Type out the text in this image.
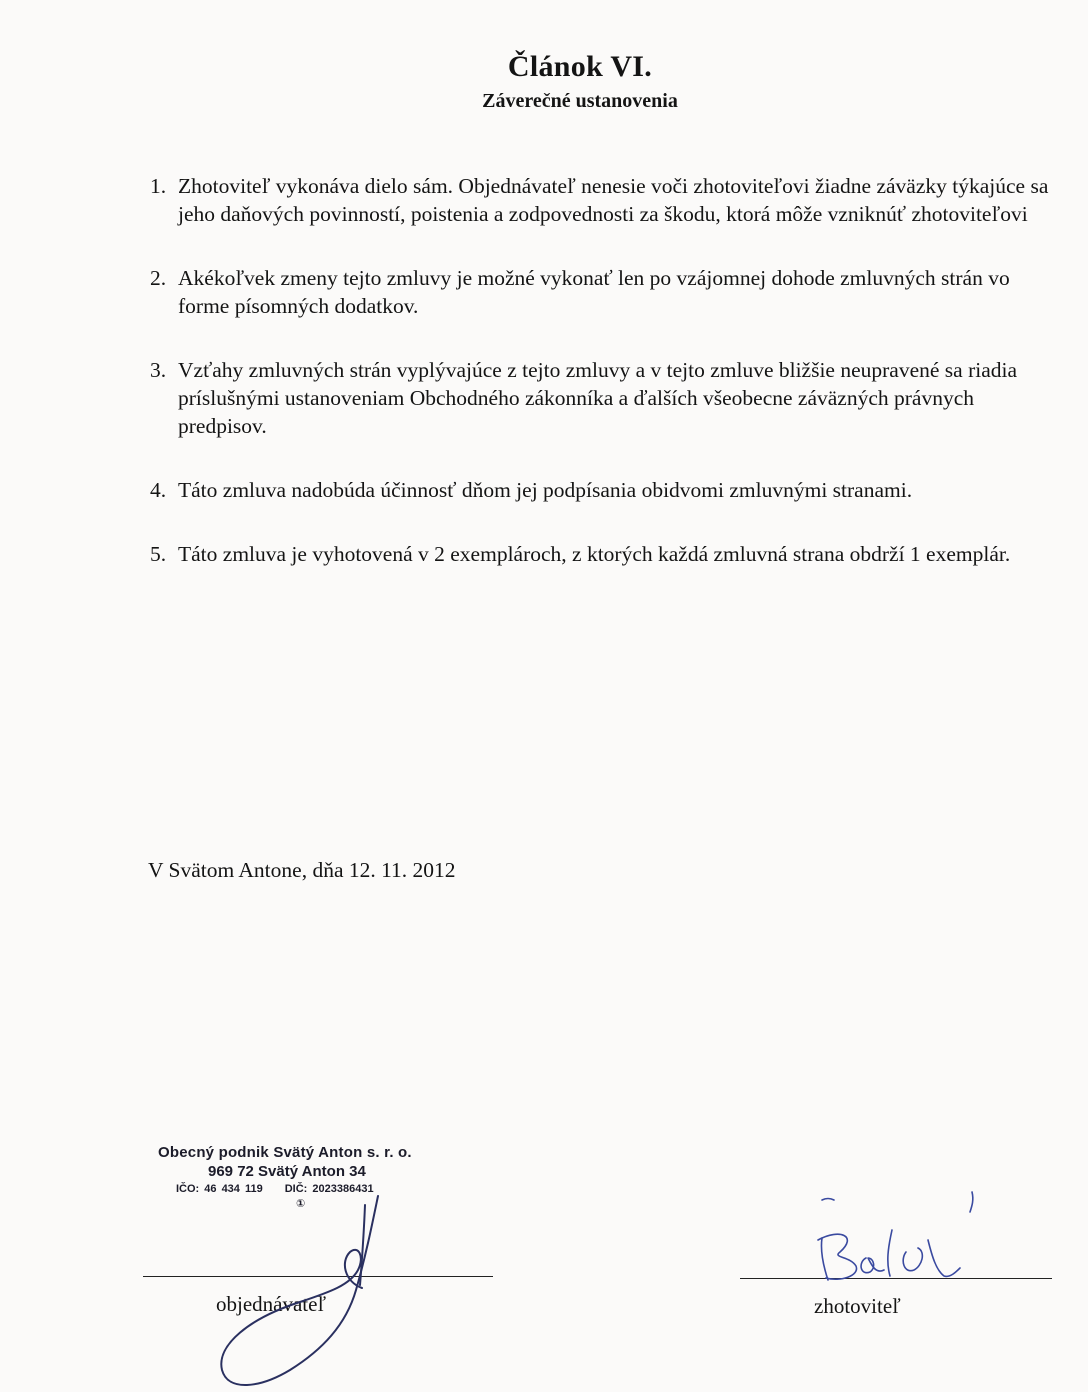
Článok VI.
Záverečné ustanovenia
1. Zhotoviteľ vykonáva dielo sám. Objednávateľ nenesie voči zhotoviteľovi žiadne záväzky týkajúce sa jeho daňových povinností, poistenia a zodpovednosti za škodu, ktorá môže vzniknúť zhotoviteľovi
2. Akékoľvek zmeny tejto zmluvy je možné vykonať len po vzájomnej dohode zmluvných strán vo forme písomných dodatkov.
3. Vzťahy zmluvných strán vyplývajúce z tejto zmluvy a v tejto zmluve bližšie neupravené sa riadia príslušnými ustanoveniam Obchodného zákonníka a ďalších všeobecne záväzných právnych predpisov.
4. Táto zmluva nadobúda účinnosť dňom jej podpísania obidvomi zmluvnými stranami.
5. Táto zmluva je vyhotovená v 2 exemplároch, z ktorých každá zmluvná strana obdrží 1 exemplár.
V Svätom Antone, dňa 12. 11. 2012
Obecný podnik Svätý Anton s. r. o.
969 72 Svätý Anton 34
IČO: 46 434 119 DIČ: 2023386431
①
objednávateľ	zhotoviteľ
